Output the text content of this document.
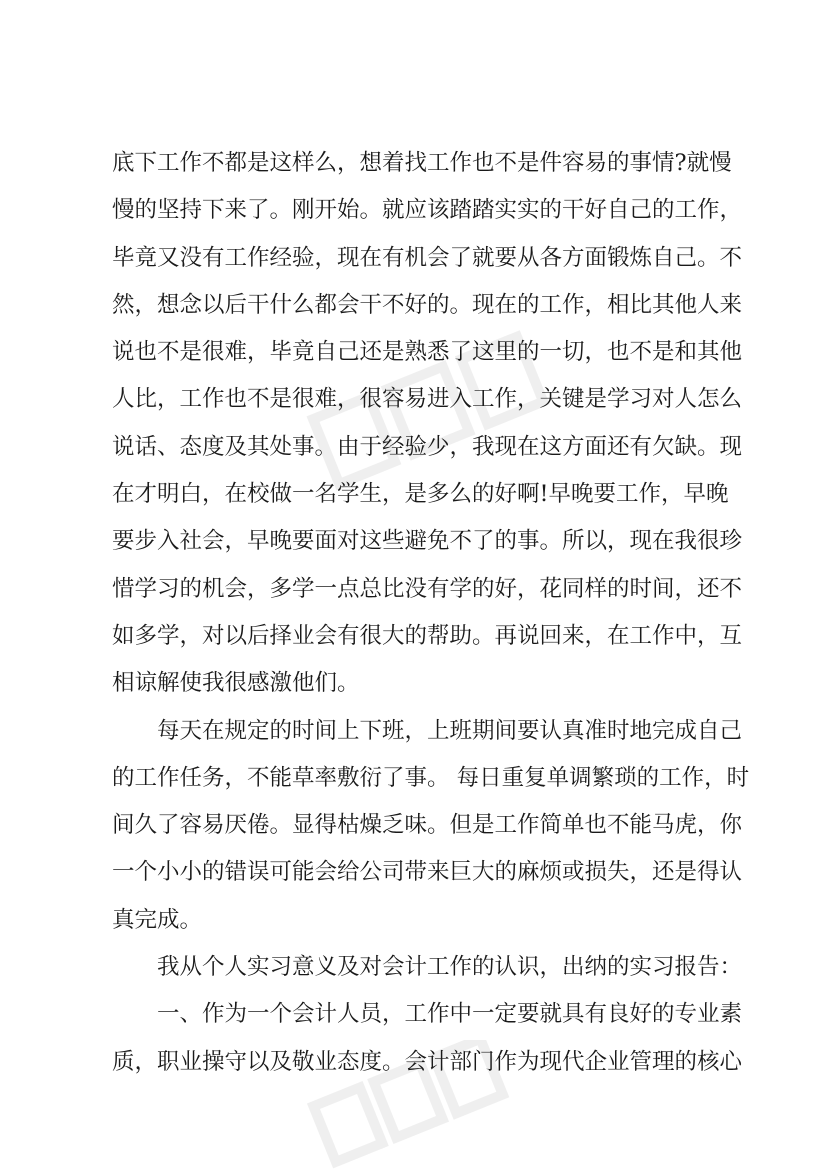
底下工作不都是这样么，想着找工作也不是件容易的事情?就慢
慢的坚持下来了。刚开始。就应该踏踏实实的干好自己的工作，
毕竟又没有工作经验，现在有机会了就要从各方面锻炼自己。不
然，想念以后干什么都会干不好的。现在的工作，相比其他人来
说也不是很难，毕竟自己还是熟悉了这里的一切，也不是和其他
人比，工作也不是很难，很容易进入工作，关键是学习对人怎么
说话、态度及其处事。由于经验少，我现在这方面还有欠缺。现
在才明白，在校做一名学生，是多么的好啊!早晚要工作，早晚
要步入社会，早晚要面对这些避免不了的事。所以，现在我很珍
惜学习的机会，多学一点总比没有学的好，花同样的时间，还不
如多学，对以后择业会有很大的帮助。再说回来，在工作中，互
相谅解使我很感激他们。
每天在规定的时间上下班，上班期间要认真准时地完成自己
的工作任务，不能草率敷衍了事。 每日重复单调繁琐的工作，时
间久了容易厌倦。显得枯燥乏味。但是工作简单也不能马虎，你
一个小小的错误可能会给公司带来巨大的麻烦或损失，还是得认
真完成。
我从个人实习意义及对会计工作的认识，出纳的实习报告：
一、作为一个会计人员，工作中一定要就具有良好的专业素
质，职业操守以及敬业态度。会计部门作为现代企业管理的核心
